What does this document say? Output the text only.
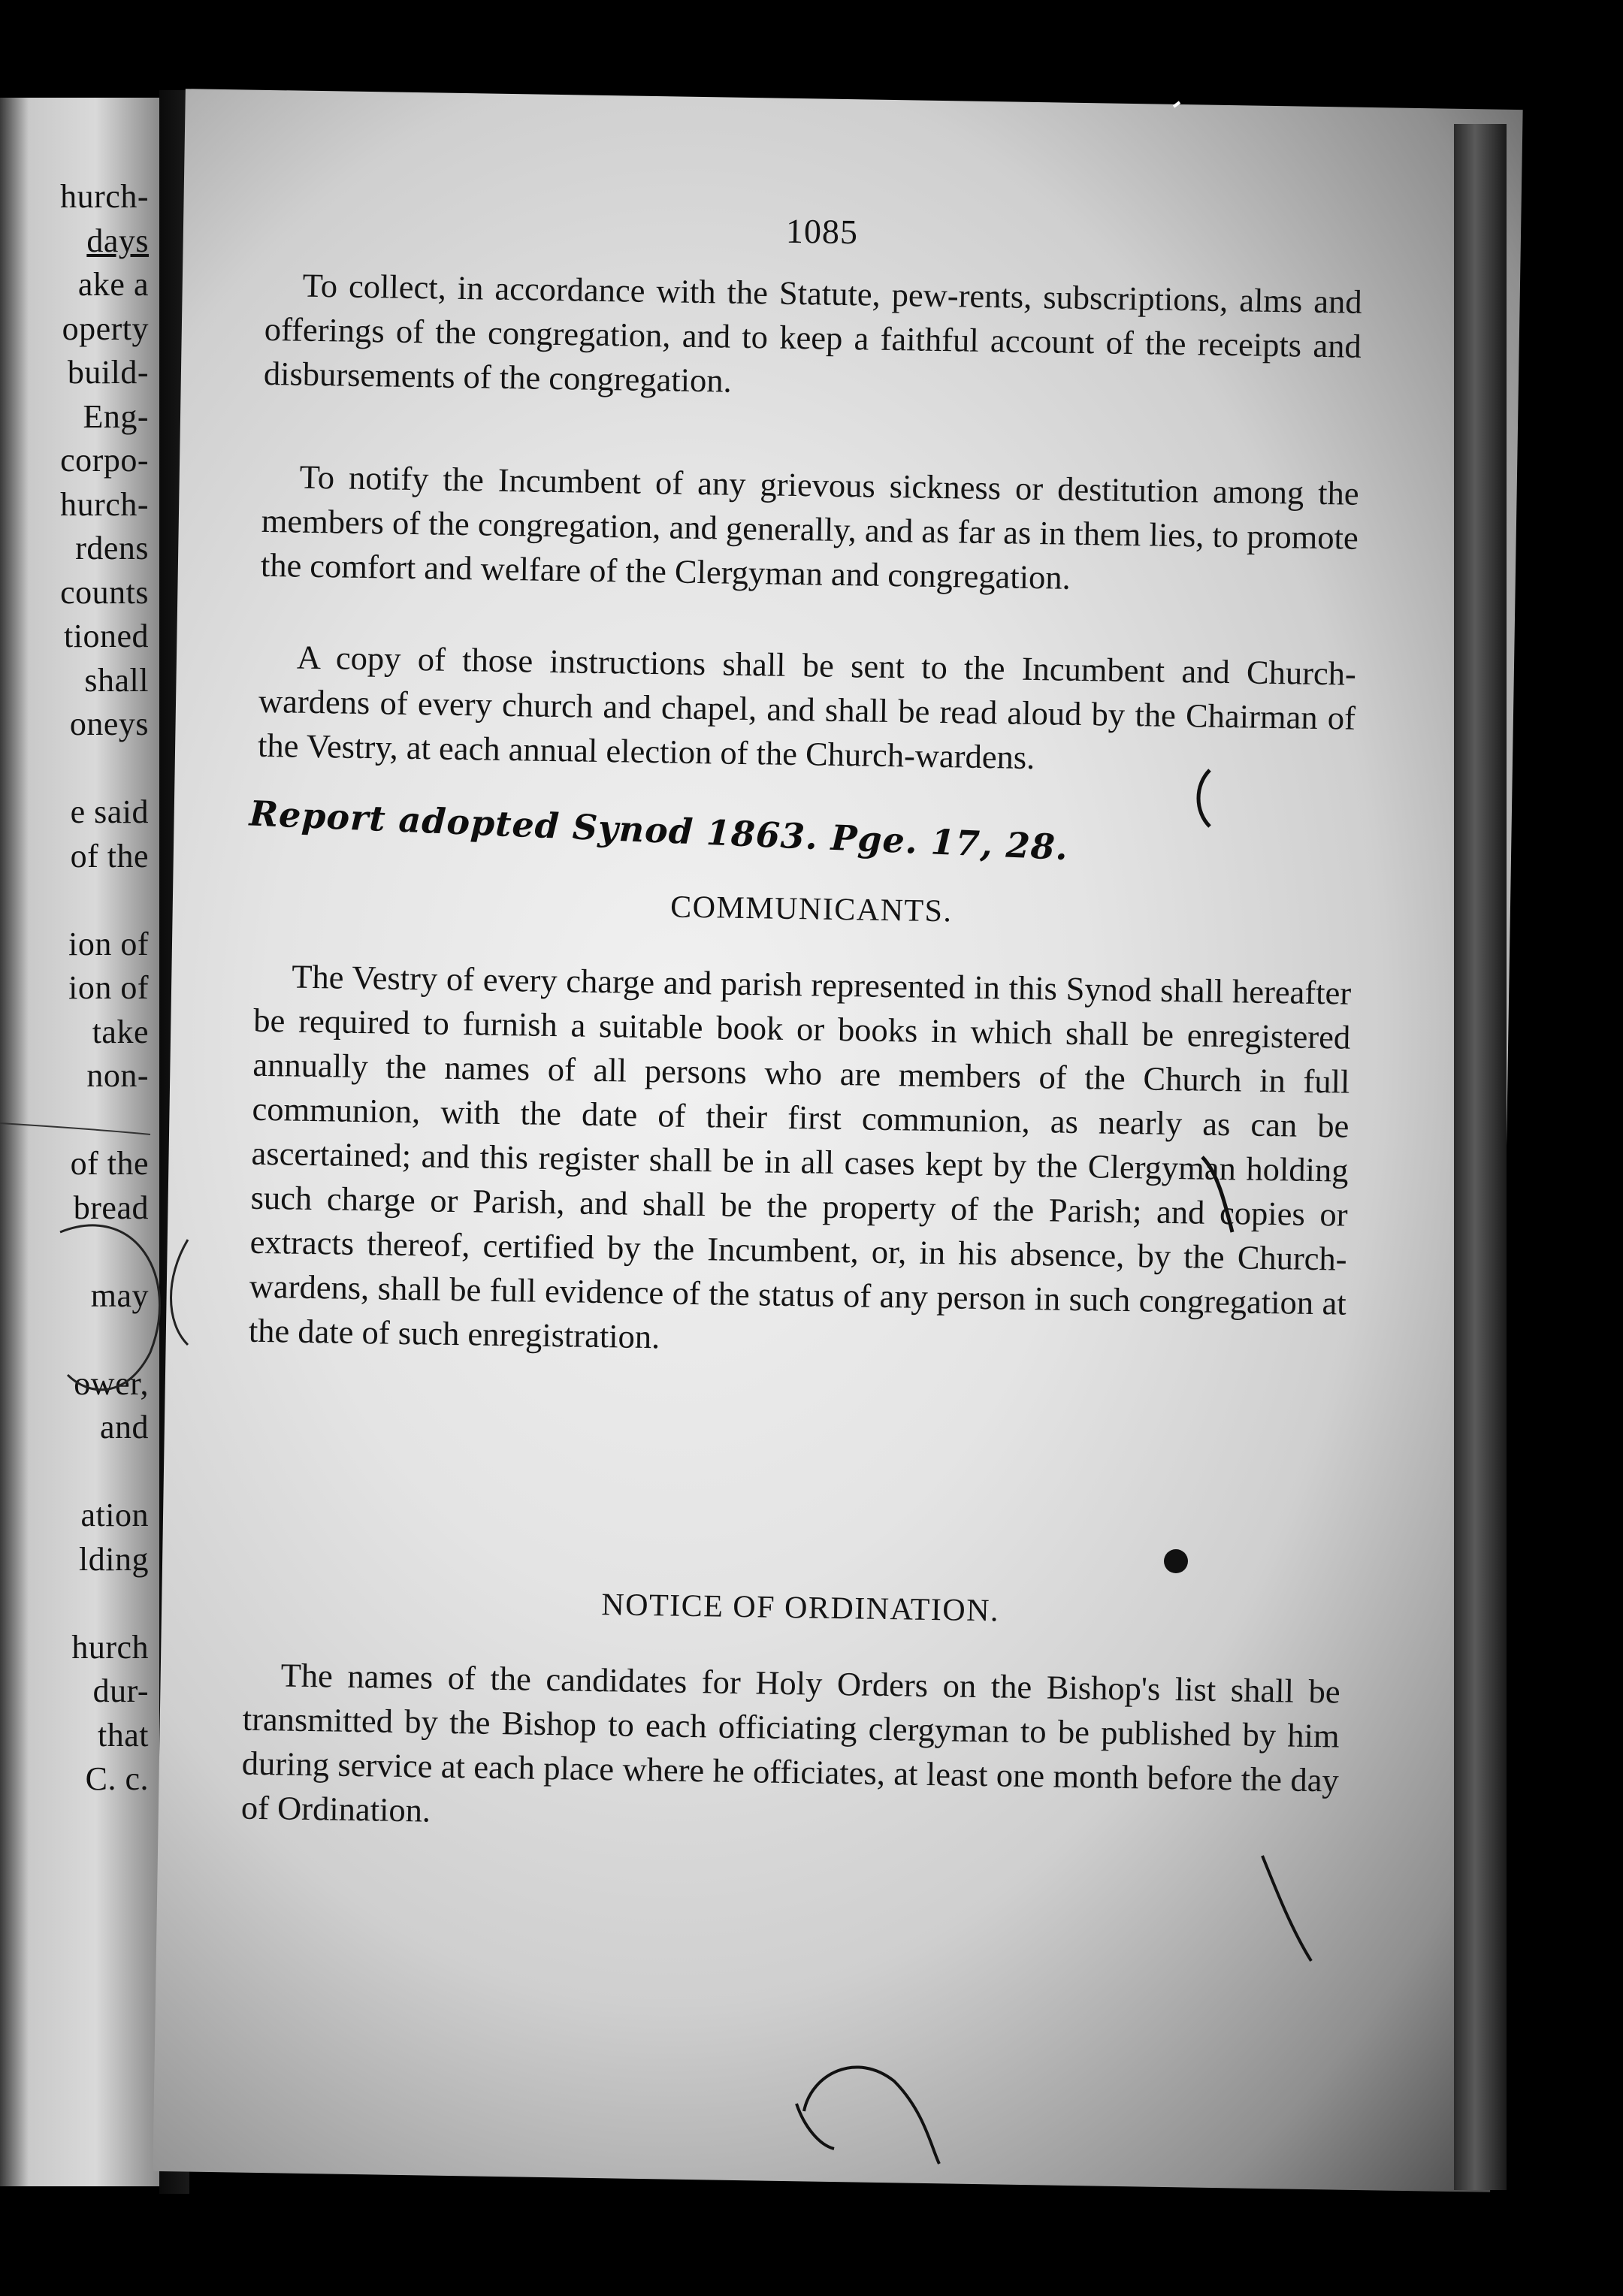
hurch-

days

ake a

operty

build-

Eng-

corpo-

hurch-

rdens

counts

tioned

shall

oneys

e said

of the

ion of

ion of

take

non-

of the

bread

may

ower,

and

ation

lding

hurch

dur-

that

C. c.

1085

To collect, in accordance with the Statute, pew-rents, subscriptions, alms and offerings of the congregation, and to keep a faithful account of the receipts and disbursements of the congregation.

To notify the Incumbent of any grievous sickness or destitution among the members of the congregation, and generally, and as far as in them lies, to promote the comfort and welfare of the Clergyman and congregation.

A copy of those instructions shall be sent to the Incumbent and Church-wardens of every church and chapel, and shall be read aloud by the Chairman of the Vestry, at each annual election of the Church-wardens.

Report adopted Synod 1863. Pge. 17, 28.

COMMUNICANTS.

The Vestry of every charge and parish represented in this Synod shall hereafter be required to furnish a suitable book or books in which shall be enregistered annually the names of all persons who are members of the Church in full communion, with the date of their first communion, as nearly as can be ascertained; and this register shall be in all cases kept by the Clergyman holding such charge or Parish, and shall be the property of the Parish; and copies or extracts thereof, certified by the Incumbent, or, in his absence, by the Church-wardens, shall be full evidence of the status of any person in such congregation at the date of such enregistration.

NOTICE OF ORDINATION.

The names of the candidates for Holy Orders on the Bishop's list shall be transmitted by the Bishop to each officiating clergyman to be published by him during service at each place where he officiates, at least one month before the day of Ordination.
